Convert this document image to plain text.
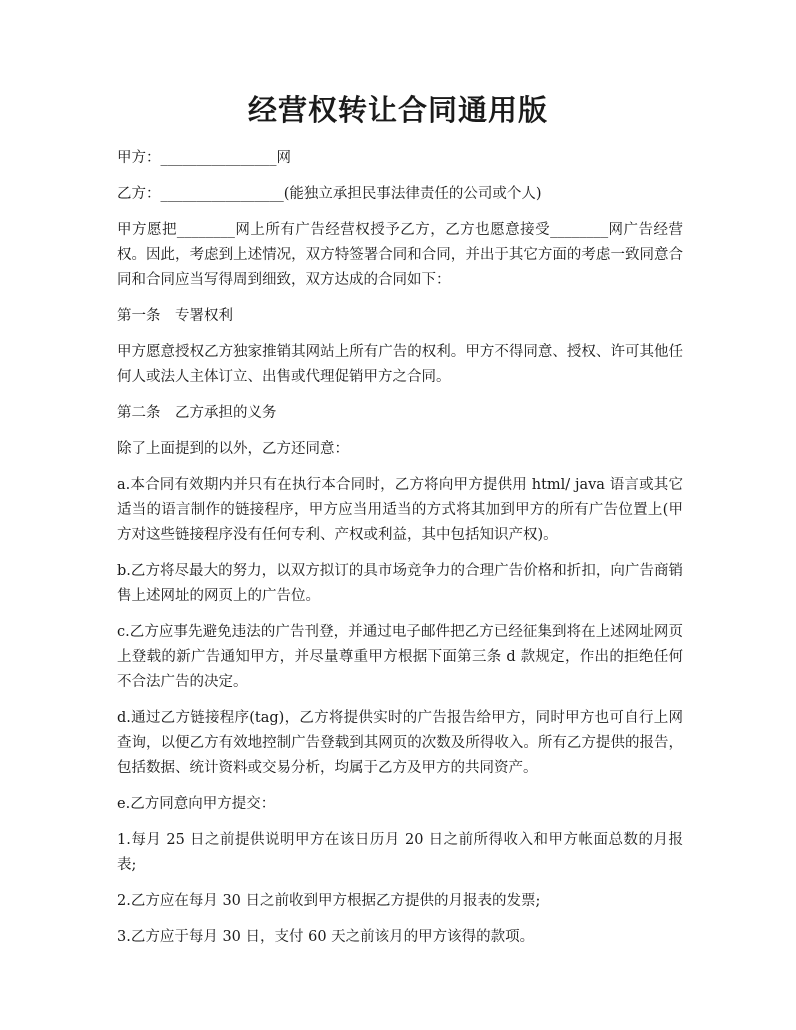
经营权转让合同通用版

甲方：________________网

乙方：_________________(能独立承担民事法律责任的公司或个人)

甲方愿把________网上所有广告经营权授予乙方，乙方也愿意接受________网广告经营权。因此，考虑到上述情况，双方特签署合同和合同，并出于其它方面的考虑一致同意合同和合同应当写得周到细致，双方达成的合同如下：

第一条　专署权利

甲方愿意授权乙方独家推销其网站上所有广告的权利。甲方不得同意、授权、许可其他任何人或法人主体订立、出售或代理促销甲方之合同。

第二条　乙方承担的义务

除了上面提到的以外，乙方还同意：

a.本合同有效期内并只有在执行本合同时，乙方将向甲方提供用 html/ java 语言或其它适当的语言制作的链接程序，甲方应当用适当的方式将其加到甲方的所有广告位置上(甲方对这些链接程序没有任何专利、产权或利益，其中包括知识产权)。

b.乙方将尽最大的努力，以双方拟订的具市场竞争力的合理广告价格和折扣，向广告商销售上述网址的网页上的广告位。

c.乙方应事先避免违法的广告刊登，并通过电子邮件把乙方已经征集到将在上述网址网页上登载的新广告通知甲方，并尽量尊重甲方根据下面第三条 d 款规定，作出的拒绝任何不合法广告的决定。

d.通过乙方链接程序(tag)，乙方将提供实时的广告报告给甲方，同时甲方也可自行上网查询，以便乙方有效地控制广告登载到其网页的次数及所得收入。所有乙方提供的报告，包括数据、统计资料或交易分析，均属于乙方及甲方的共同资产。

e.乙方同意向甲方提交：

1.每月 25 日之前提供说明甲方在该日历月 20 日之前所得收入和甲方帐面总数的月报表;

2.乙方应在每月 30 日之前收到甲方根据乙方提供的月报表的发票;

3.乙方应于每月 30 日，支付 60 天之前该月的甲方该得的款项。
